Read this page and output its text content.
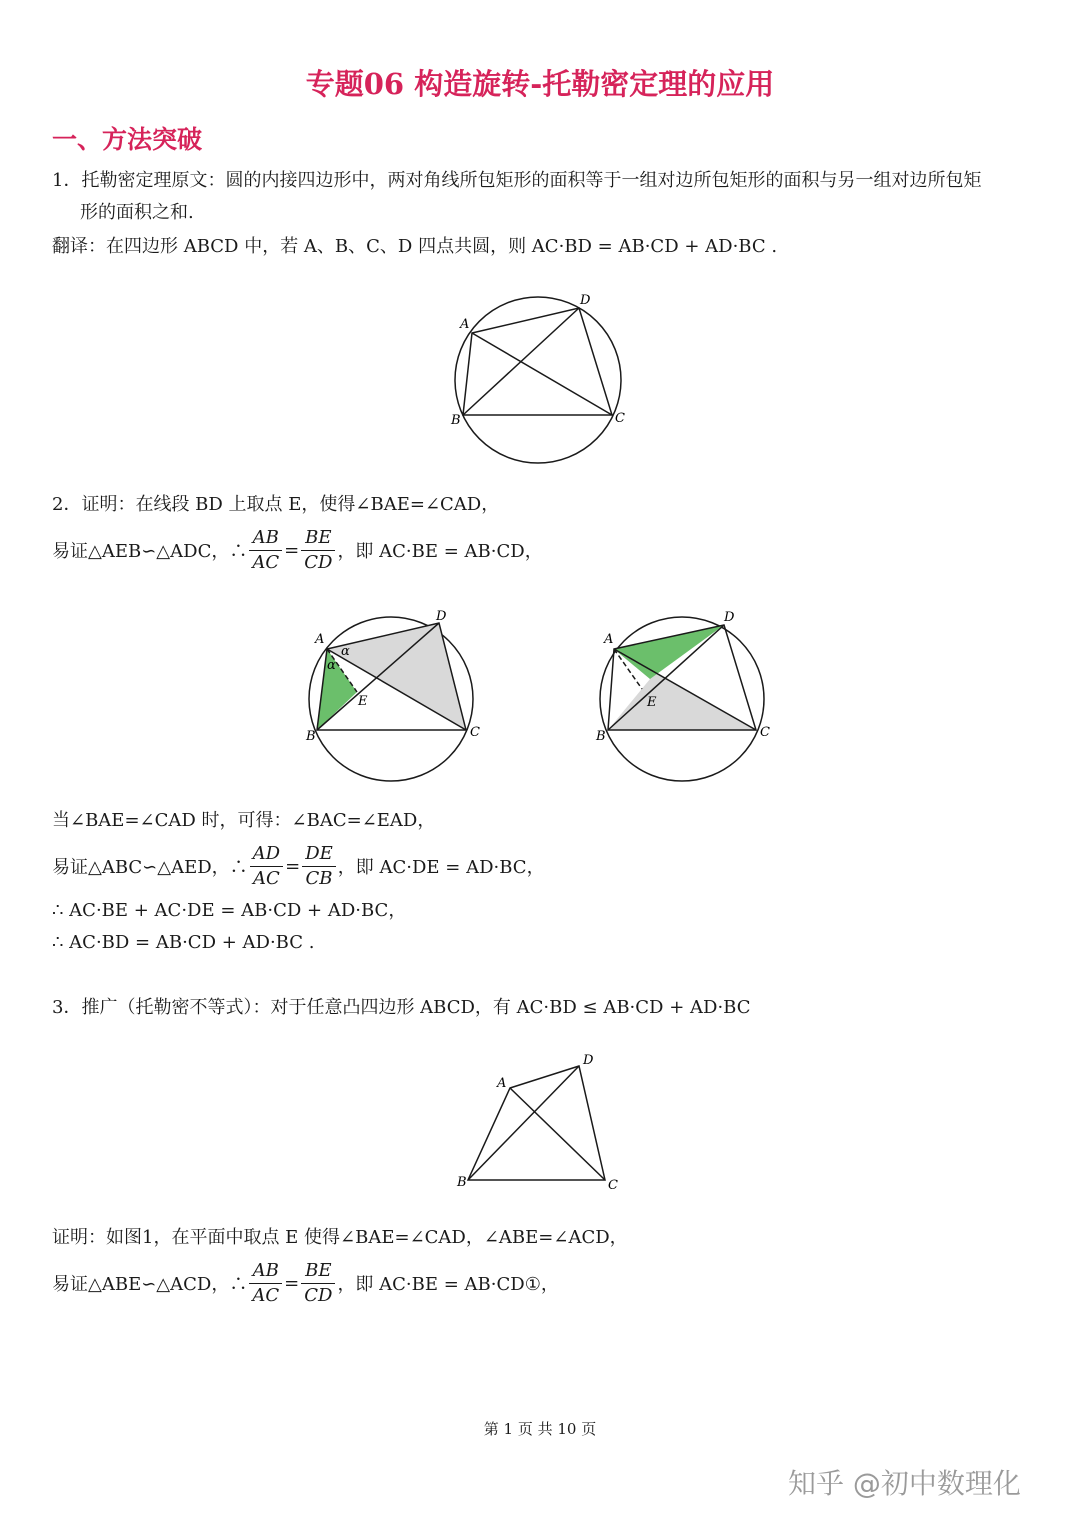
专题06 构造旋转-托勒密定理的应用
一、方法突破
1．托勒密定理原文：圆的内接四边形中，两对角线所包矩形的面积等于一组对边所包矩形的面积与另一组对边所包矩
形的面积之和.
翻译：在四边形 ABCD 中，若 A、B、C、D 四点共圆，则 AC·BD = AB·CD + AD·BC .
A
D
B	C
2．证明：在线段 BD 上取点 E，使得∠BAE=∠CAD，
易证△AEB∽△ADC，∴ $\frac{AB}{AC} = \frac{BE}{CD}$ ，即 AC·BE = AB·CD，
A
D
B	C
E
α
α
A
D
B	C
E
当∠BAE=∠CAD 时，可得：∠BAC=∠EAD，
易证△ABC∽△AED，∴ $\frac{AD}{AC} = \frac{DE}{CB}$ ，即 AC·DE = AD·BC，
∴ AC·BE + AC·DE = AB·CD + AD·BC，
∴ AC·BD = AB·CD + AD·BC .
3．推广（托勒密不等式）：对于任意凸四边形 ABCD，有 AC·BD ≤ AB·CD + AD·BC
A
D
B	C
证明：如图1，在平面中取点 E 使得∠BAE=∠CAD，∠ABE=∠ACD，
易证△ABE∽△ACD，∴ $\frac{AB}{AC} = \frac{BE}{CD}$ ，即 AC·BE = AB·CD①，
第 1 页 共 10 页
知乎 @初中数理化
